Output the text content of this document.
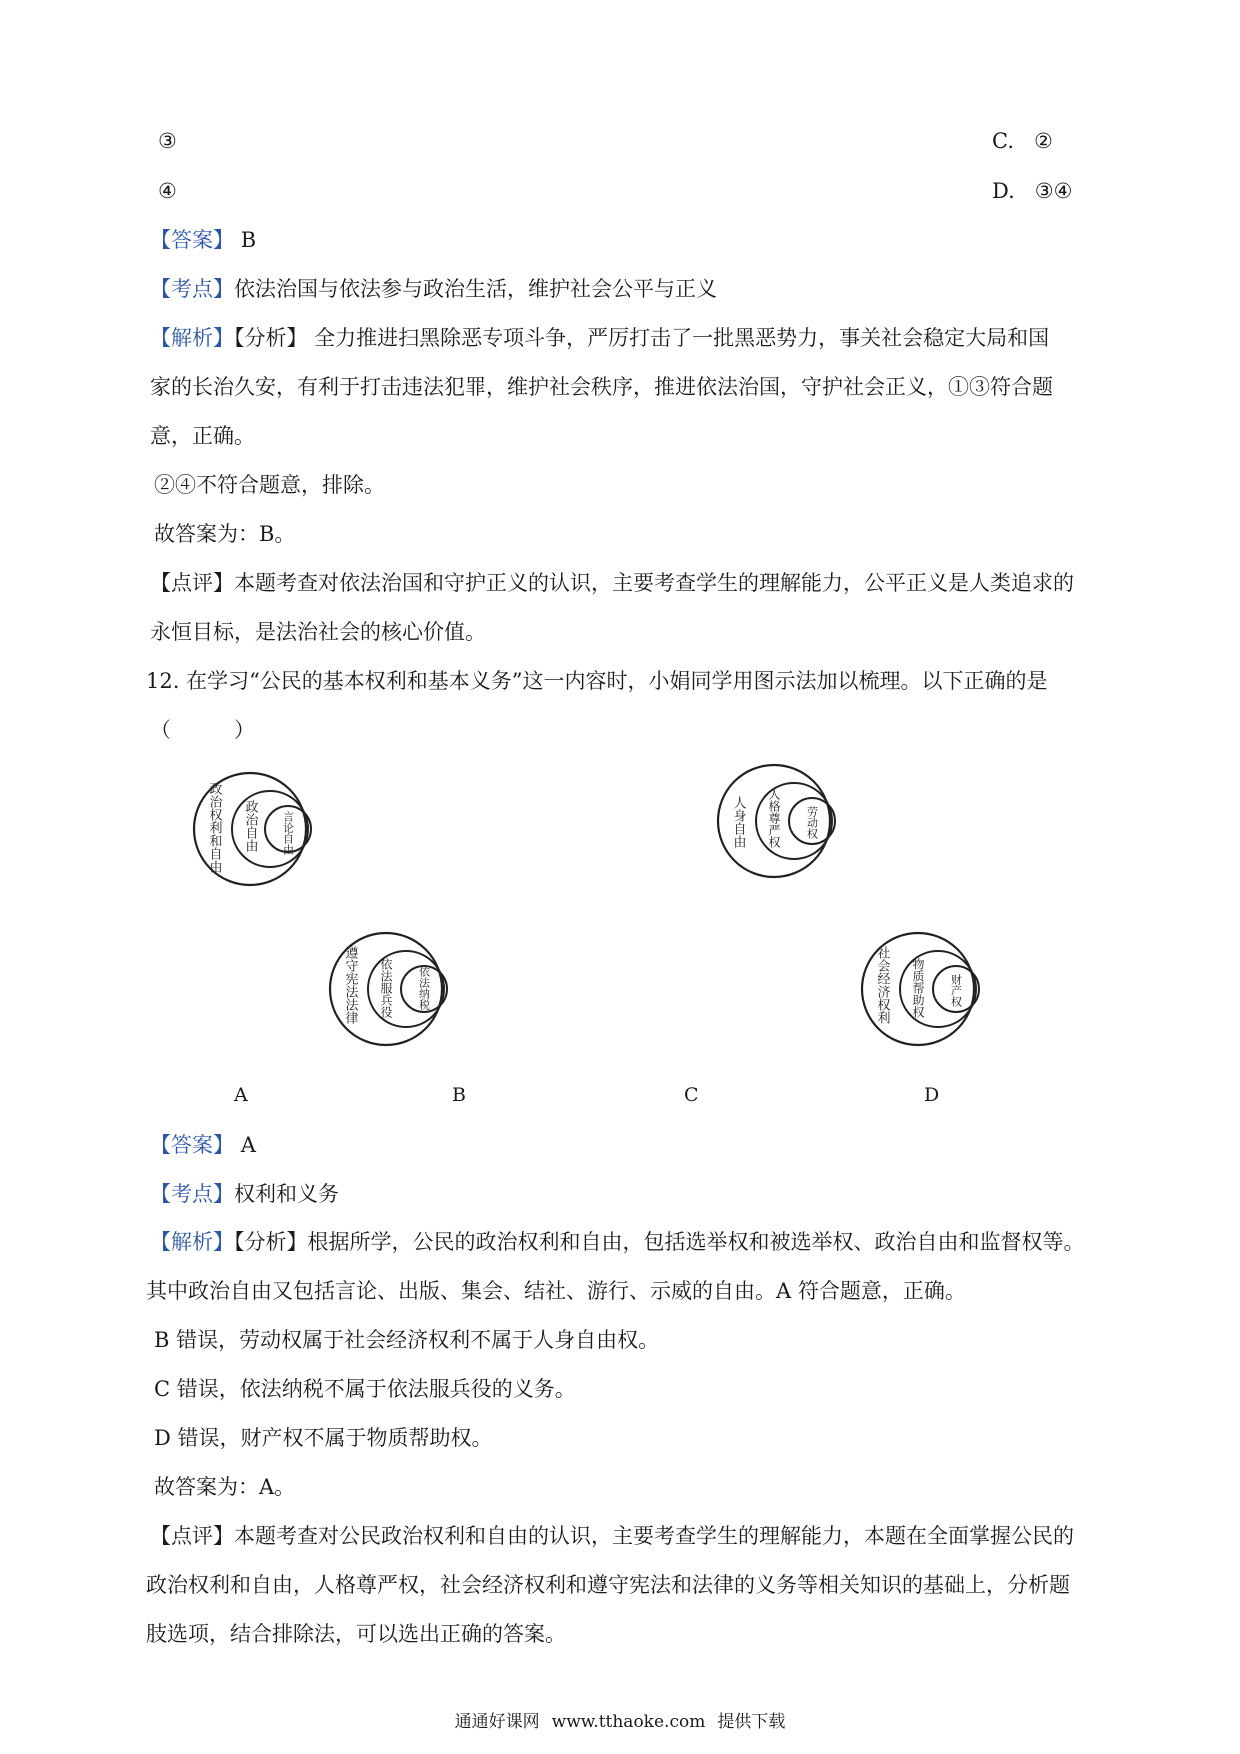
③	C. ②
④	D. ③④
【答案】 B
【考点】依法治国与依法参与政治生活，维护社会公平与正义
【解析】【分析】 全力推进扫黑除恶专项斗争，严厉打击了一批黑恶势力，事关社会稳定大局和国
家的长治久安，有利于打击违法犯罪，维护社会秩序，推进依法治国，守护社会正义，①③符合题
意，正确。
②④不符合题意，排除。
故答案为：B。
【点评】本题考查对依法治国和守护正义的认识，主要考查学生的理解能力，公平正义是人类追求的
永恒目标，是法治社会的核心价值。
12. 在学习“公民的基本权利和基本义务”这一内容时，小娟同学用图示法加以梳理。以下正确的是
（　　　）
政治权利和自由 政治自由 言论自由	人身自由 人格尊严权 劳动权
遵守宪法法律 依法服兵役 依法纳税	社会经济权利 物质帮助权 财产权
A	B	C	D
【答案】 A
【考点】权利和义务
【解析】【分析】根据所学，公民的政治权利和自由，包括选举权和被选举权、政治自由和监督权等。
其中政治自由又包括言论、出版、集会、结社、游行、示威的自由。A 符合题意，正确。
B 错误，劳动权属于社会经济权利不属于人身自由权。
C 错误，依法纳税不属于依法服兵役的义务。
D 错误，财产权不属于物质帮助权。
故答案为：A。
【点评】本题考查对公民政治权利和自由的认识，主要考查学生的理解能力，本题在全面掌握公民的
政治权利和自由，人格尊严权，社会经济权利和遵守宪法和法律的义务等相关知识的基础上，分析题
肢选项，结合排除法，可以选出正确的答案。
通通好课网 www.tthaoke.com 提供下载
